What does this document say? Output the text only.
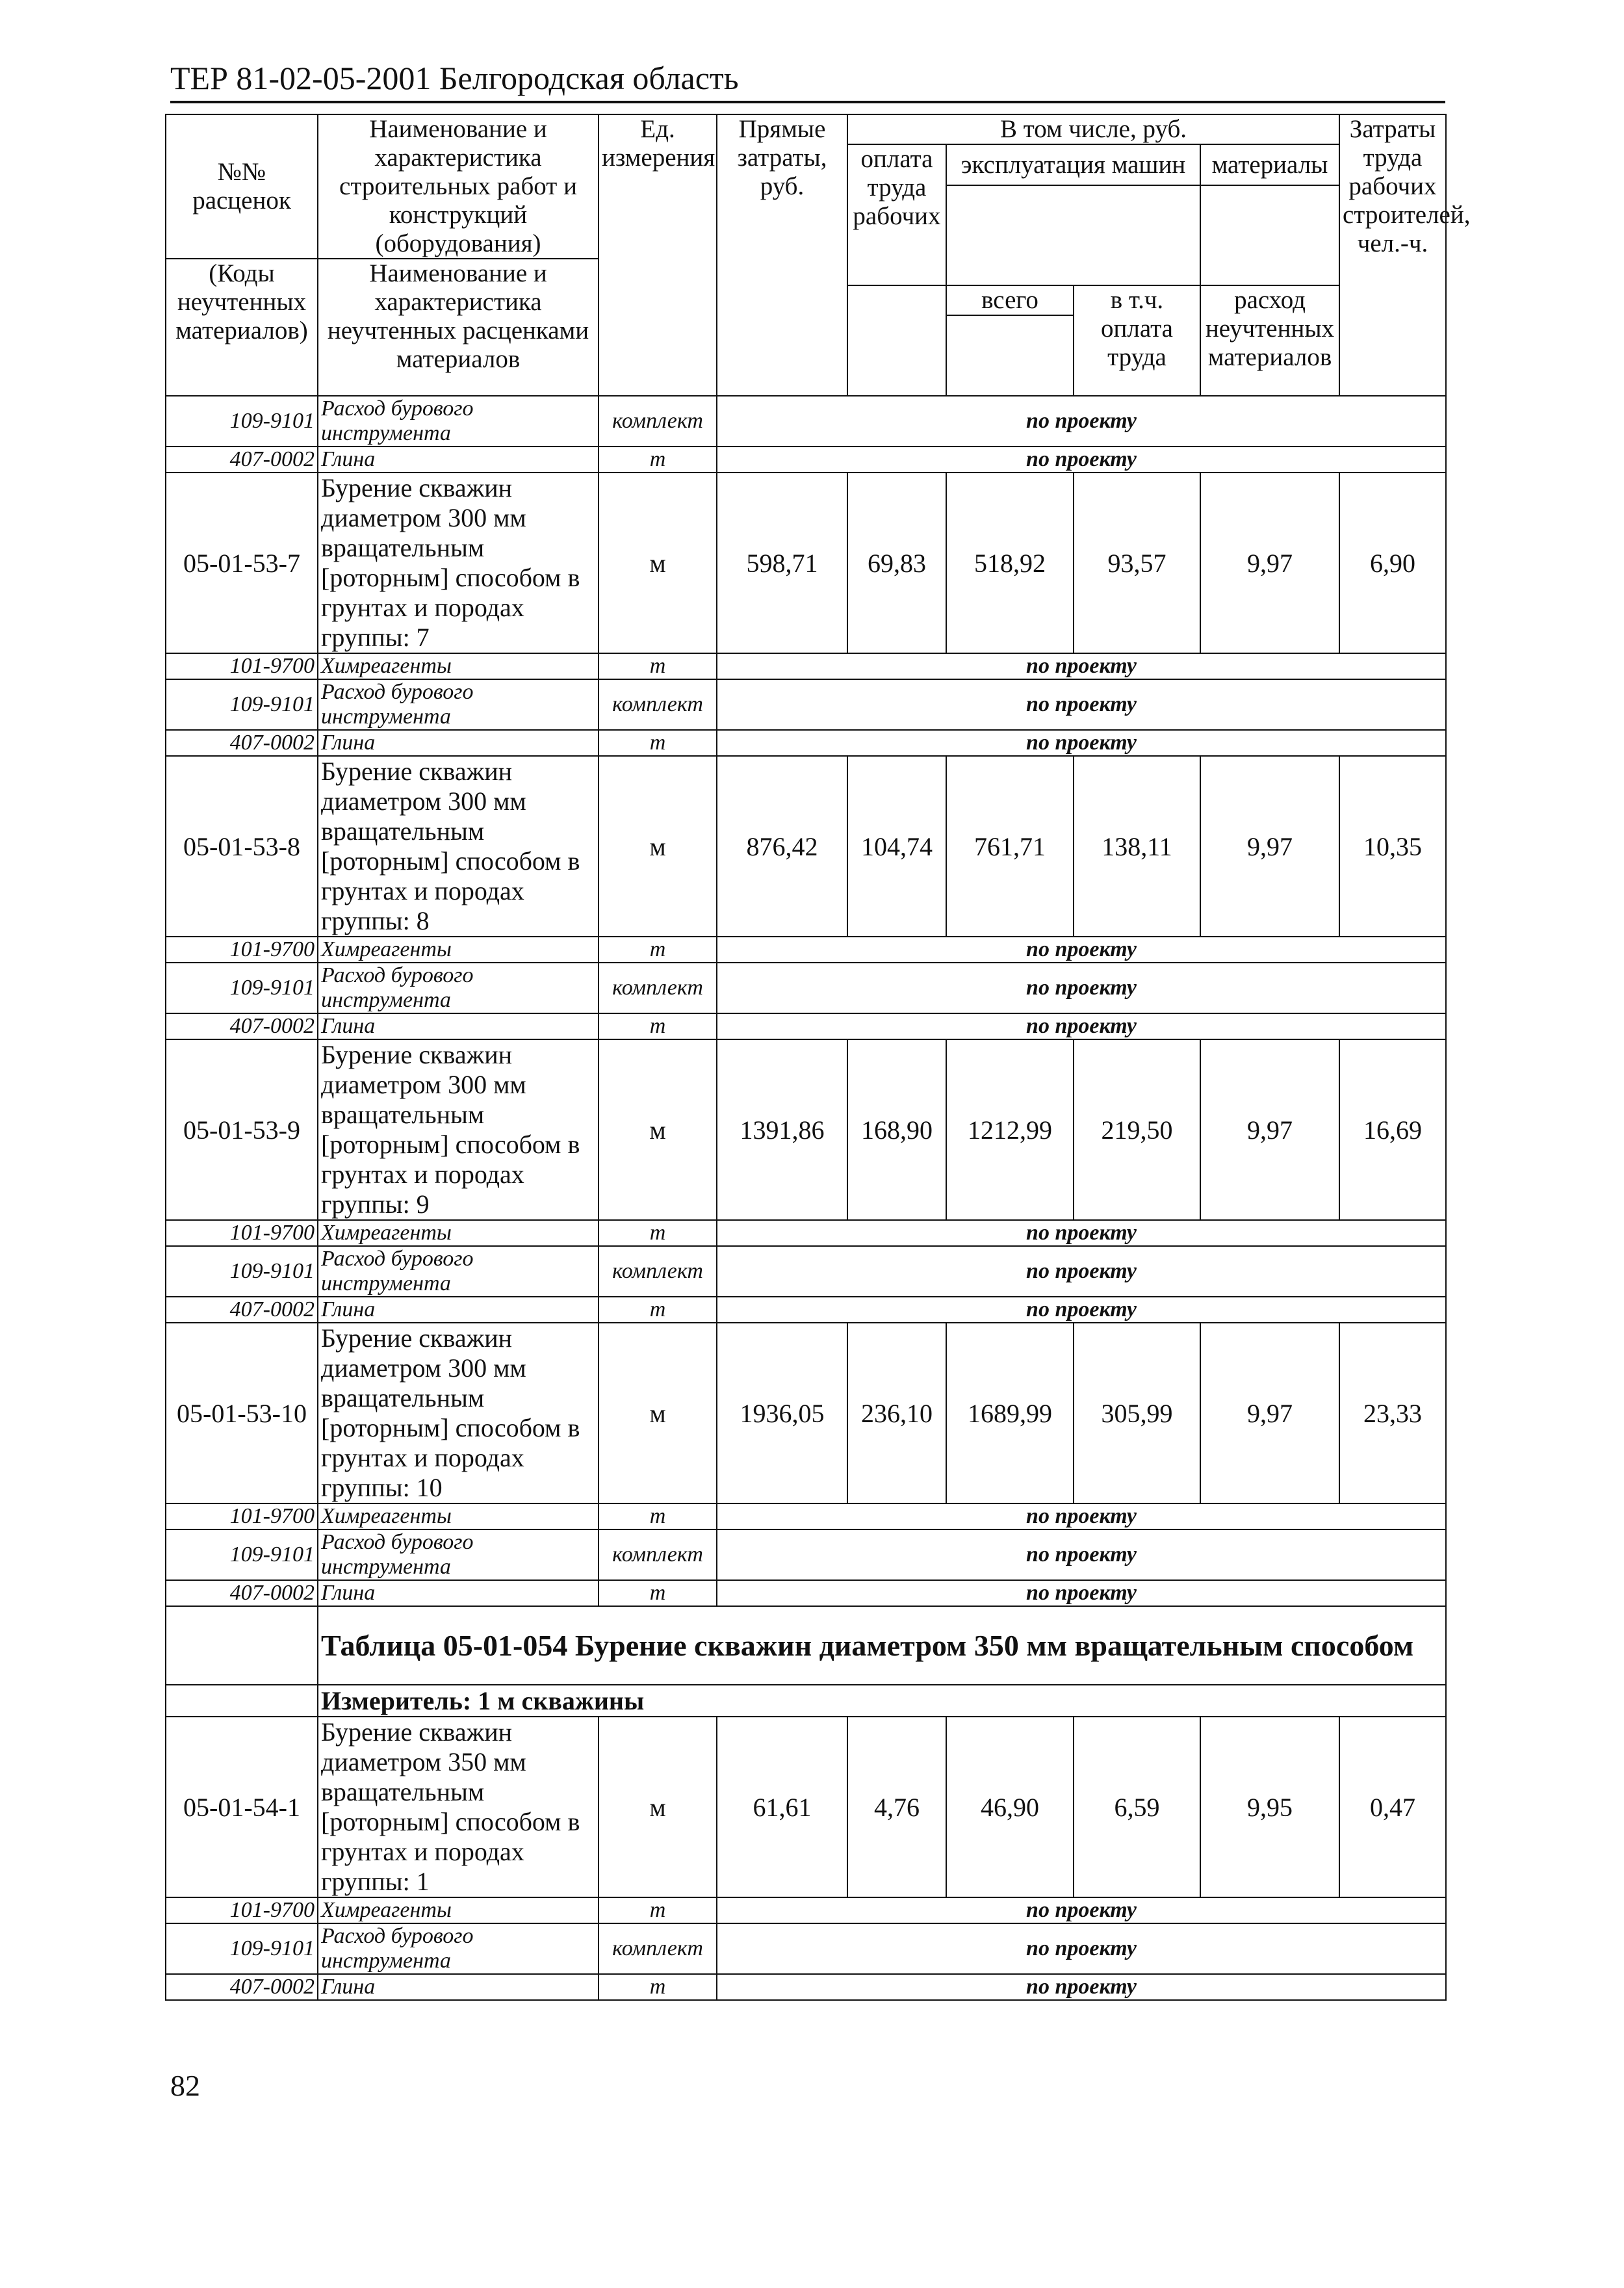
ТЕР 81-02-05-2001 Белгородская область
№№ расценок	Наименование и характеристика строительных работ и конструкций (оборудования)	Ед. измерения	Прямые затраты, руб.	В том числе, руб.				Затраты труда рабочих строителей, чел.-ч.
				оплата труда рабочих	эксплуатация машин		материалы	

(Коды неучтенных материалов)	Наименование и характеристика неучтенных расценками материалов							
					всего	в т.ч. оплата труда	расход неучтенных материалов	

109-9101	Расход бурового инструмента	комплект	по проекту					
407-0002	Глина	т	по проекту					
05-01-53-7	Бурение скважин диаметром 300 мм вращательным [роторным] способом в грунтах и породах группы: 7	м	598,71	69,83	518,92	93,57	9,97	6,90
101-9700	Химреагенты	т	по проекту					
109-9101	Расход бурового инструмента	комплект	по проекту					
407-0002	Глина	т	по проекту					
05-01-53-8	Бурение скважин диаметром 300 мм вращательным [роторным] способом в грунтах и породах группы: 8	м	876,42	104,74	761,71	138,11	9,97	10,35
101-9700	Химреагенты	т	по проекту					
109-9101	Расход бурового инструмента	комплект	по проекту					
407-0002	Глина	т	по проекту					
05-01-53-9	Бурение скважин диаметром 300 мм вращательным [роторным] способом в грунтах и породах группы: 9	м	1391,86	168,90	1212,99	219,50	9,97	16,69
101-9700	Химреагенты	т	по проекту					
109-9101	Расход бурового инструмента	комплект	по проекту					
407-0002	Глина	т	по проекту					
05-01-53-10	Бурение скважин диаметром 300 мм вращательным [роторным] способом в грунтах и породах группы: 10	м	1936,05	236,10	1689,99	305,99	9,97	23,33
101-9700	Химреагенты	т	по проекту					
109-9101	Расход бурового инструмента	комплект	по проекту					
407-0002	Глина	т	по проекту					
	Таблица 05-01-054 Бурение скважин диаметром 350 мм вращательным способом							
	Измеритель: 1 м скважины							
05-01-54-1	Бурение скважин диаметром 350 мм вращательным [роторным] способом в грунтах и породах группы: 1	м	61,61	4,76	46,90	6,59	9,95	0,47
101-9700	Химреагенты	т	по проекту					
109-9101	Расход бурового инструмента	комплект	по проекту					
407-0002	Глина	т	по проекту					
82
